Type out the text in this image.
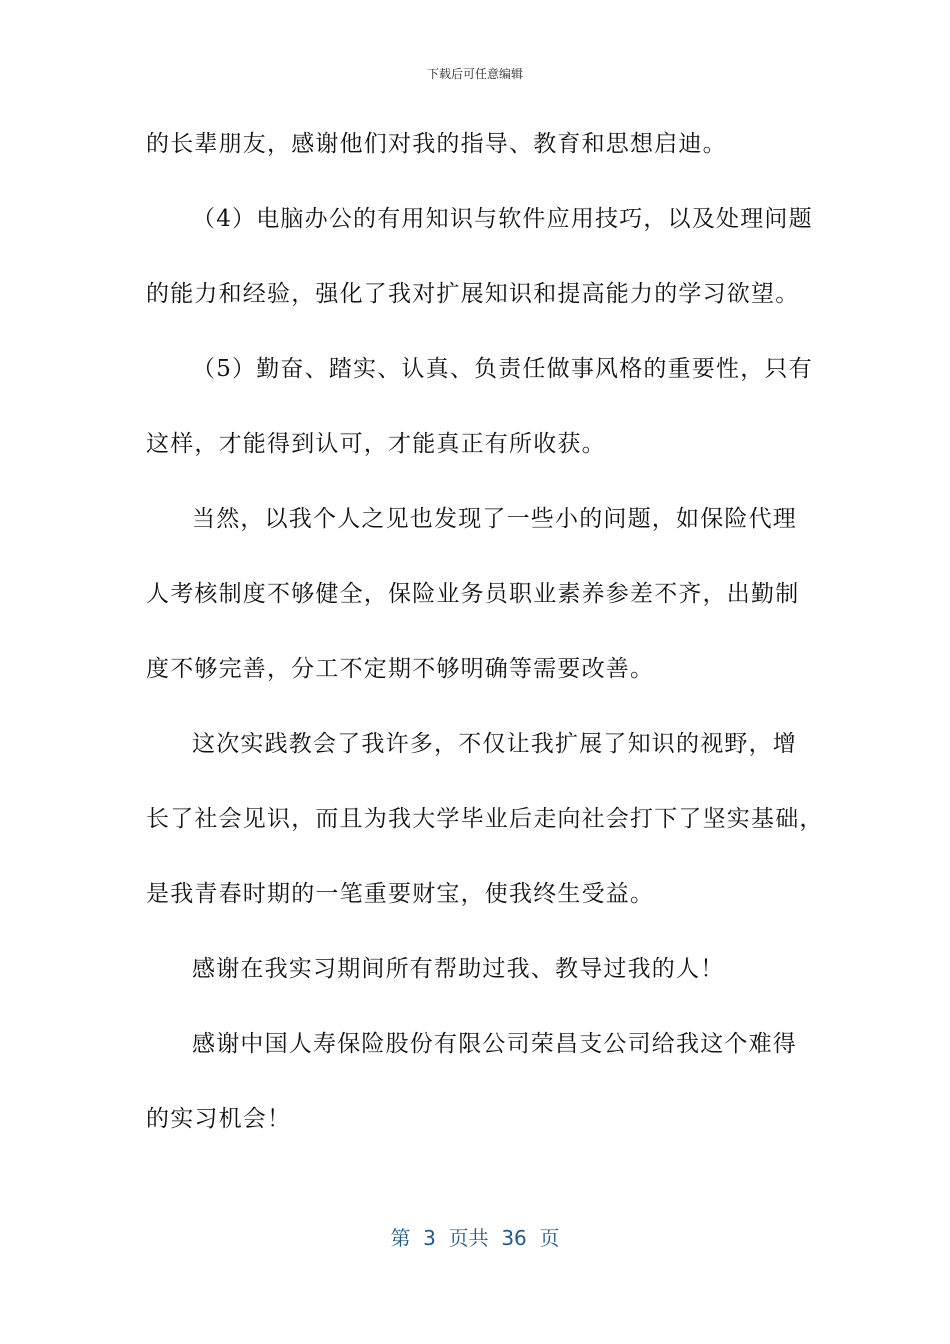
下载后可任意编辑
的长辈朋友，感谢他们对我的指导、教育和思想启迪。
（4）电脑办公的有用知识与软件应用技巧，以及处理问题
的能力和经验，强化了我对扩展知识和提高能力的学习欲望。
（5）勤奋、踏实、认真、负责任做事风格的重要性，只有
这样，才能得到认可，才能真正有所收获。
当然，以我个人之见也发现了一些小的问题，如保险代理
人考核制度不够健全，保险业务员职业素养参差不齐，出勤制
度不够完善，分工不定期不够明确等需要改善。
这次实践教会了我许多，不仅让我扩展了知识的视野，增
长了社会见识，而且为我大学毕业后走向社会打下了坚实基础，
是我青春时期的一笔重要财宝，使我终生受益。
感谢在我实习期间所有帮助过我、教导过我的人！
感谢中国人寿保险股份有限公司荣昌支公司给我这个难得
的实习机会！
第  3  页共  36  页
